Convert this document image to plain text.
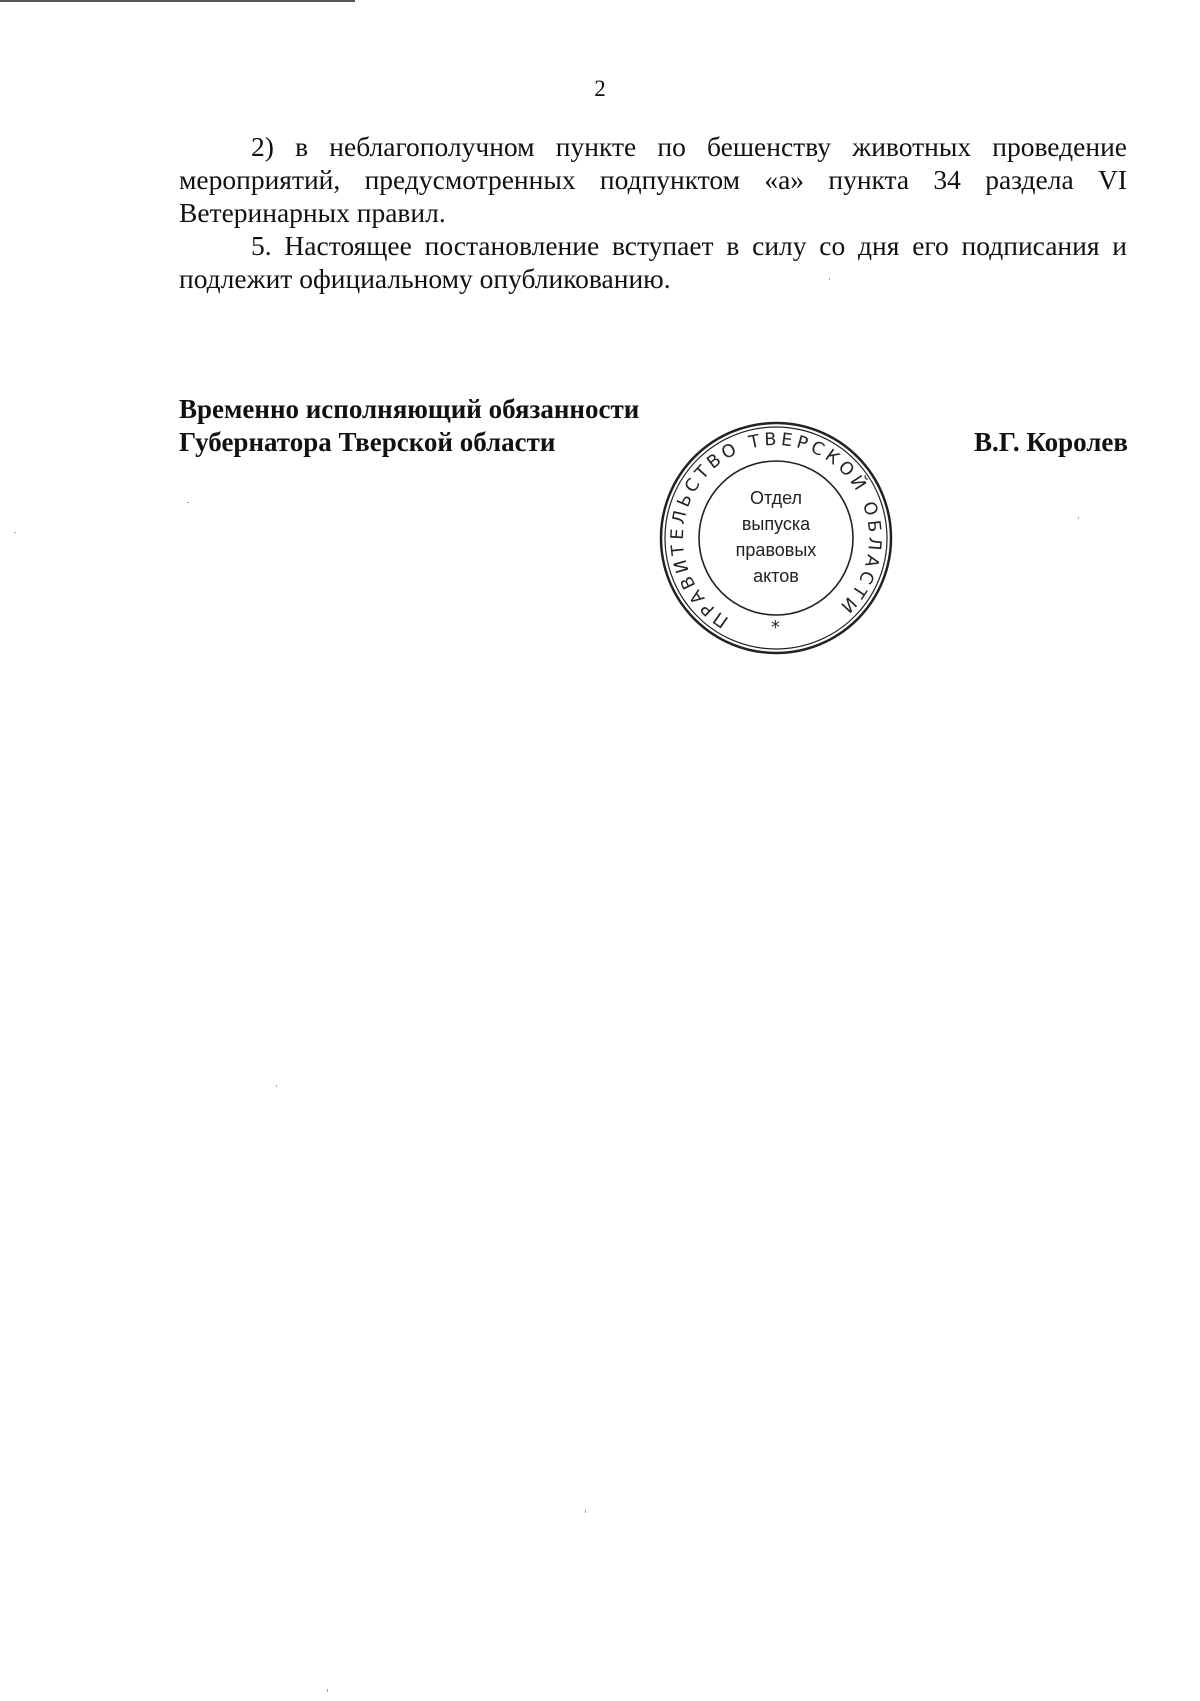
2

2) в неблагополучном пункте по бешенству животных проведение мероприятий, предусмотренных подпунктом «а» пункта 34 раздела VI Ветеринарных правил.

5. Настоящее постановление вступает в силу со дня его подписания и подлежит официальному опубликованию.

Временно исполняющий обязанности
Губернатора Тверской области	В.Г. Королев
ПРАВИТЕЛЬСТВО ТВЕРСКОЙ ОБЛАСТИ
*
Отдел
выпуска
правовых
актов
